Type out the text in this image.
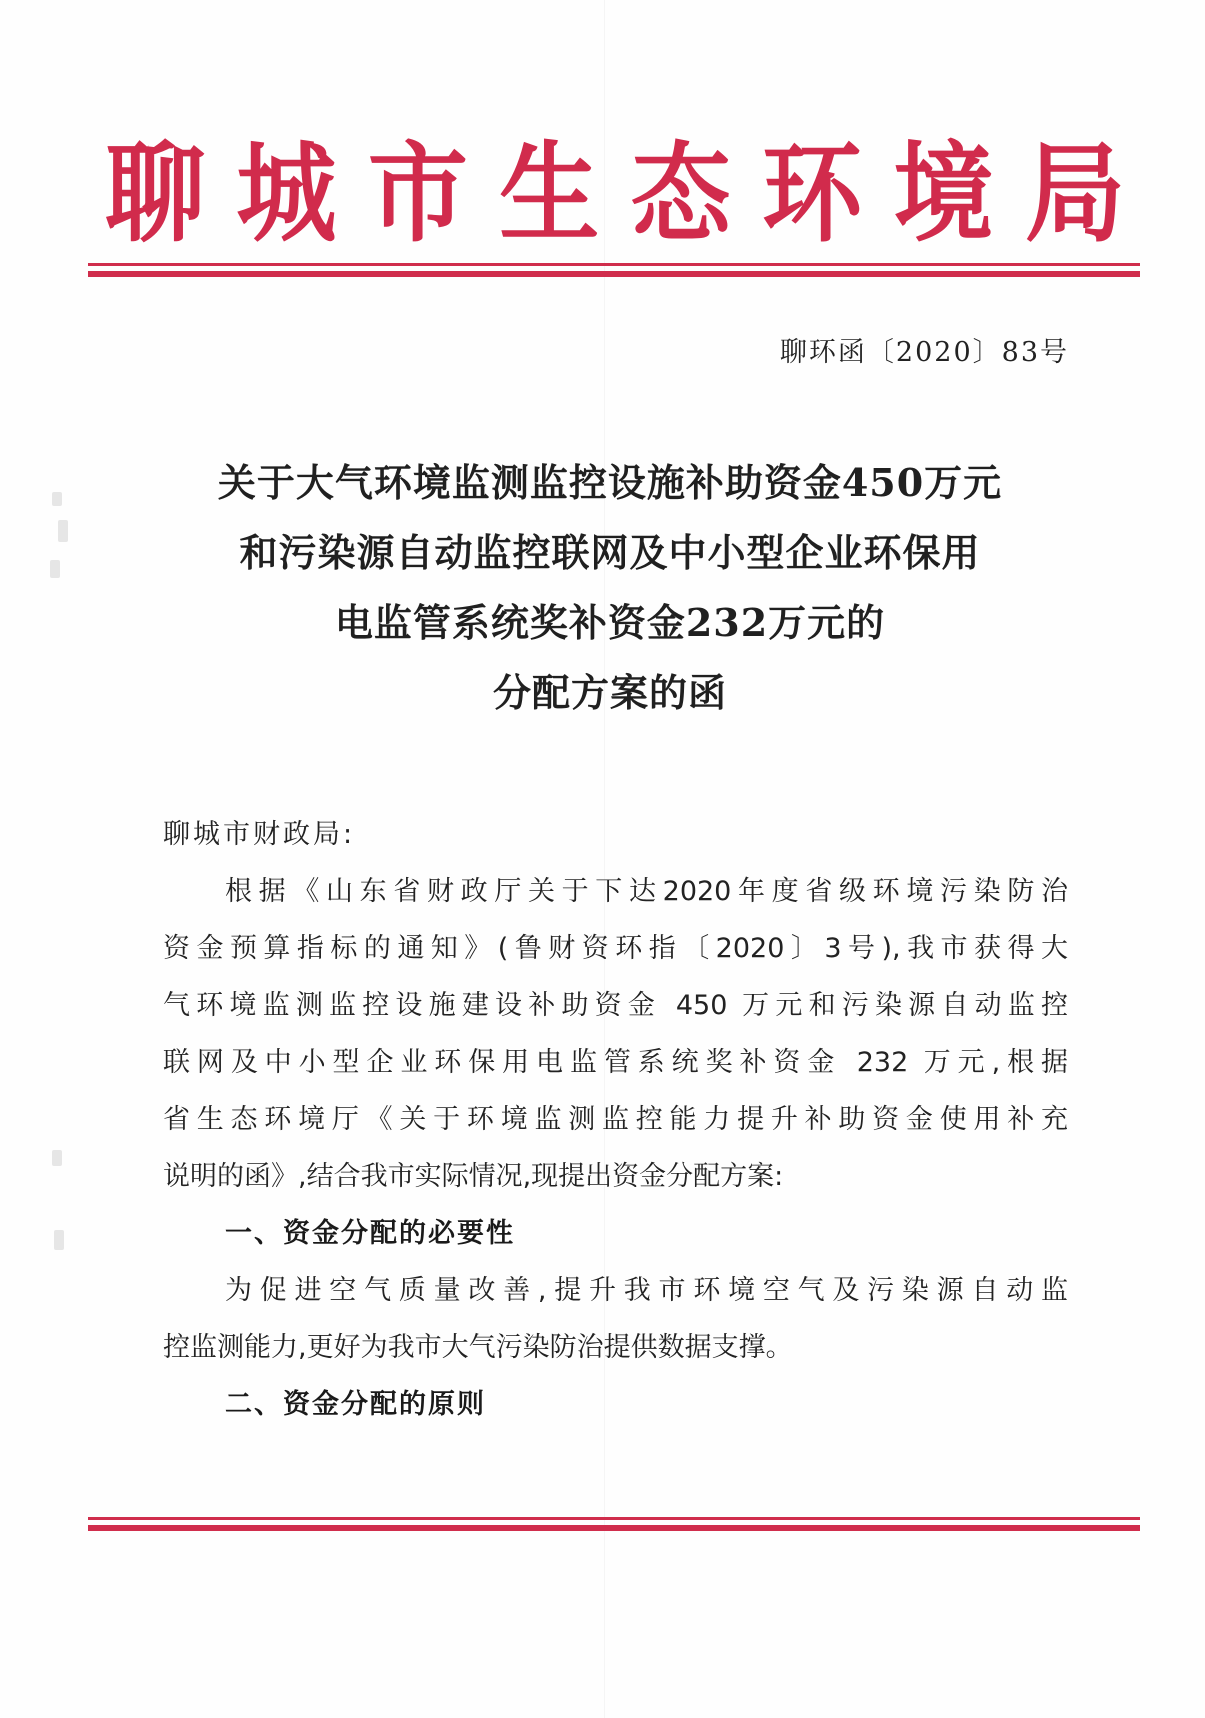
聊 城 市 生 态 环 境 局
聊环函〔2020〕83号
关于大气环境监测监控设施补助资金450万元
和污染源自动监控联网及中小型企业环保用
电监管系统奖补资金232万元的
分配方案的函
聊城市财政局:
根据《山东省财政厅关于下达2020年度省级环境污染防治
资金预算指标的通知》(鲁财资环指〔2020〕3号),我市获得大
气环境监测监控设施建设补助资金 450 万元和污染源自动监控
联网及中小型企业环保用电监管系统奖补资金 232 万元,根据
省生态环境厅《关于环境监测监控能力提升补助资金使用补充
说明的函》,结合我市实际情况,现提出资金分配方案:
一、资金分配的必要性
为促进空气质量改善,提升我市环境空气及污染源自动监
控监测能力,更好为我市大气污染防治提供数据支撑。
二、资金分配的原则
